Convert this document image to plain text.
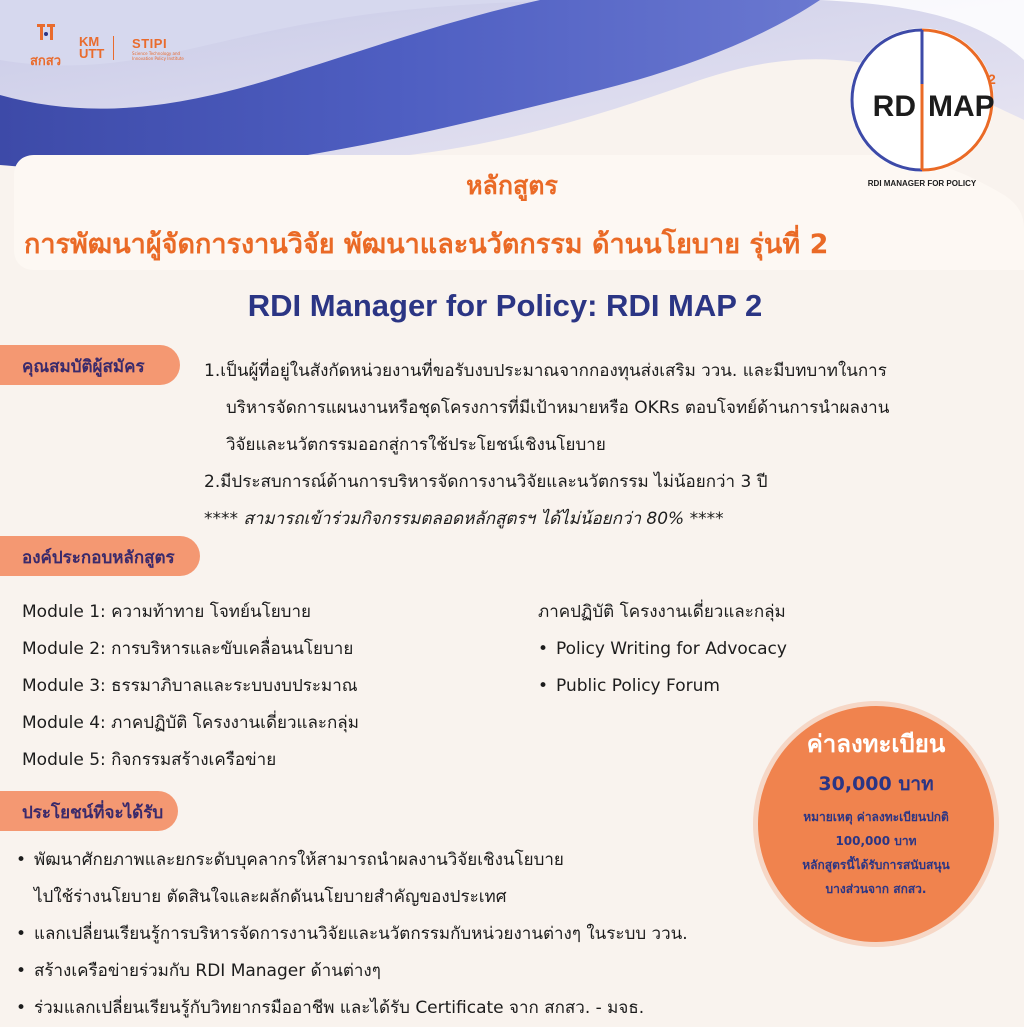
สกสว
KMUTT
STIPI
Science Technology and Innovation Policy Institute
RD MAP
2
RDI MANAGER FOR POLICY
หลักสูตร
การพัฒนาผู้จัดการงานวิจัย พัฒนาและนวัตกรรม ด้านนโยบาย รุ่นที่ 2
RDI Manager for Policy: RDI MAP 2
คุณสมบัติผู้สมัคร	1.เป็นผู้ที่อยู่ในสังกัดหน่วยงานที่ขอรับงบประมาณจากกองทุนส่งเสริม ววน. และมีบทบาทในการ
บริหารจัดการแผนงานหรือชุดโครงการที่มีเป้าหมายหรือ OKRs ตอบโจทย์ด้านการนำผลงาน
วิจัยและนวัตกรรมออกสู่การใช้ประโยชน์เชิงนโยบาย
2.มีประสบการณ์ด้านการบริหารจัดการงานวิจัยและนวัตกรรม ไม่น้อยกว่า 3 ปี
**** สามารถเข้าร่วมกิจกรรมตลอดหลักสูตรฯ ได้ไม่น้อยกว่า 80% ****
องค์ประกอบหลักสูตร
Module 1: ความท้าทาย โจทย์นโยบาย
Module 2: การบริหารและขับเคลื่อนนโยบาย
Module 3: ธรรมาภิบาลและระบบงบประมาณ
Module 4: ภาคปฏิบัติ โครงงานเดี่ยวและกลุ่ม
Module 5: กิจกรรมสร้างเครือข่าย
ภาคปฏิบัติ โครงงานเดี่ยวและกลุ่ม
• Policy Writing for Advocacy
• Public Policy Forum
ค่าลงทะเบียน
30,000 บาท
หมายเหตุ ค่าลงทะเบียนปกติ
100,000 บาท
หลักสูตรนี้ได้รับการสนับสนุน
บางส่วนจาก สกสว.
ประโยชน์ที่จะได้รับ
• พัฒนาศักยภาพและยกระดับบุคลากรให้สามารถนำผลงานวิจัยเชิงนโยบาย
ไปใช้ร่างนโยบาย ตัดสินใจและผลักดันนโยบายสำคัญของประเทศ
• แลกเปลี่ยนเรียนรู้การบริหารจัดการงานวิจัยและนวัตกรรมกับหน่วยงานต่างๆ ในระบบ ววน.
• สร้างเครือข่ายร่วมกับ RDI Manager ด้านต่างๆ
• ร่วมแลกเปลี่ยนเรียนรู้กับวิทยากรมืออาชีพ และได้รับ Certificate จาก สกสว. - มจธ.
